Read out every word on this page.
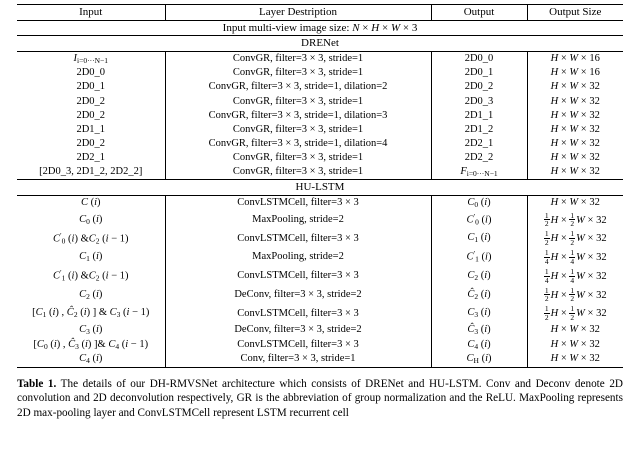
Input	Layer Destription	Output	Output Size
Input multi-view image size: N × H × W × 3			
DRENet			
$I_{i=0\cdot\cdot\cdot N-1}$	ConvGR, filter=3 × 3, stride=1	2D0_0	H × W × 16
2D0_0	ConvGR, filter=3 × 3, stride=1	2D0_1	H × W × 16
2D0_1	ConvGR, filter=3 × 3, stride=1, dilation=2	2D0_2	H × W × 32
2D0_2	ConvGR, filter=3 × 3, stride=1	2D0_3	H × W × 32
2D0_2	ConvGR, filter=3 × 3, stride=1, dilation=3	2D1_1	H × W × 32
2D1_1	ConvGR, filter=3 × 3, stride=1	2D1_2	H × W × 32
2D0_2	ConvGR, filter=3 × 3, stride=1, dilation=4	2D2_1	H × W × 32
2D2_1	ConvGR, filter=3 × 3, stride=1	2D2_2	H × W × 32
[2D0_3, 2D1_2, 2D2_2]	ConvGR, filter=3 × 3, stride=1	$F_{i=0\cdot\cdot\cdot N-1}$	H × W × 32
HU-LSTM			
C (i)	ConvLSTMCell, filter=3 × 3	$C_0$ (i)	H × W × 32
$C_0$ (i)	MaxPooling, stride=2	$C'_0$ (i)	$\frac{1}{2}$ $H \times \frac{1}{2}$ W × 32
$C'_0$ (i) $\&C_2$ (i − 1)	ConvLSTMCell, filter=3 × 3	$C_1$ (i)	$\frac{1}{2}$ $H \times \frac{1}{2}$ W × 32
$C_1$ (i)	MaxPooling, stride=2	$C'_1$ (i)	$\frac{1}{4}$ $H \times \frac{1}{4}$ W × 32
$C'_1$ (i) $\&C_2$ (i − 1)	ConvLSTMCell, filter=3 × 3	$C_2$ (i)	$\frac{1}{4}$ $H \times \frac{1}{4}$ W × 32
$C_2$ (i)	DeConv, filter=3 × 3, stride=2	$Ĉ_2$ (i)	$\frac{1}{2}$ $H \times \frac{1}{2}$ W × 32
[$C_1$ (i) , $Ĉ_2$ (i) ] & $C_3$ (i − 1)	ConvLSTMCell, filter=3 × 3	$C_3$ (i)	$\frac{1}{2}$ $H \times \frac{1}{2}$ W × 32
$C_3$ (i)	DeConv, filter=3 × 3, stride=2	$Ĉ_3$ (i)	H × W × 32
[$C_0$ (i) , $Ĉ_3$ (i) ]& $C_4$ (i − 1)	ConvLSTMCell, filter=3 × 3	$C_4$ (i)	H × W × 32
$C_4$ (i)	Conv, filter=3 × 3, stride=1	$C_H$ (i)	H × W × 32
Table 1. The details of our DH-RMVSNet architecture which consists of DRENet and HU-LSTM. Conv and Deconv denote 2D convolution and 2D deconvolution respectively, GR is the abbreviation of group normalization and the ReLU. MaxPooling represents 2D max-pooling layer and ConvLSTMCell represent LSTM recurrent cell
